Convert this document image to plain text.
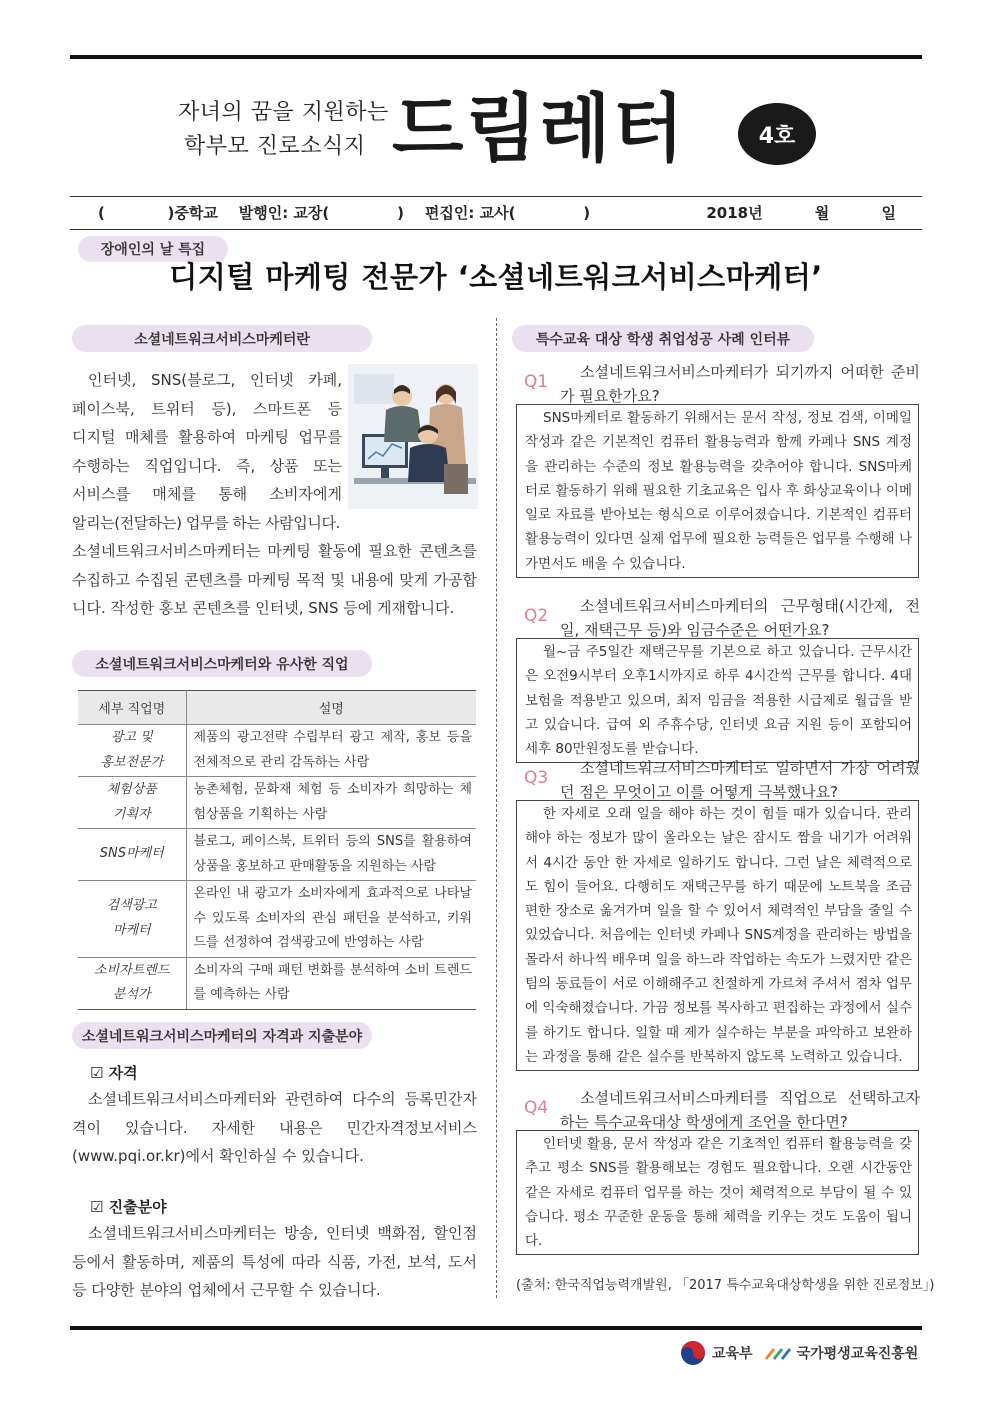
자녀의 꿈을 지원하는
학부모 진로소식지 드림레터	4호
(            )중학교    발행인: 교장(             )    편집인: 교사(             )	2018년          월          일
장애인의 날 특집
디지털 마케팅 전문가 ‘소셜네트워크서비스마케터’
소셜네트워크서비스마케터란
인터넷, SNS(블로그, 인터넷 카페,
페이스북, 트위터 등), 스마트폰 등
디지털 매체를 활용하여 마케팅 업무를
수행하는 직업입니다. 즉, 상품 또는
서비스를 매체를 통해 소비자에게
알리는(전달하는) 업무를 하는 사람입니다.
소셜네트워크서비스마케터는 마케팅 활동에 필요한 콘텐츠를 수집하고 수집된 콘텐츠를 마케팅 목적 및 내용에 맞게 가공합니다. 작성한 홍보 콘텐츠를 인터넷, SNS 등에 게재합니다.
소셜네트워크서비스마케터와 유사한 직업
세부 직업명	설명
광고 및
홍보전문가	제품의 광고전략 수립부터 광고 제작, 홍보 등을 전체적으로 관리 감독하는 사람
체험상품
기획자	농촌체험, 문화재 체험 등 소비자가 희망하는 체험상품을 기획하는 사람
SNS마케터	블로그, 페이스북, 트위터 등의 SNS를 활용하여 상품을 홍보하고 판매활동을 지원하는 사람
검색광고
마케터	온라인 내 광고가 소비자에게 효과적으로 나타날 수 있도록 소비자의 관심 패턴을 분석하고, 키워드를 선정하여 검색광고에 반영하는 사람
소비자트렌드
분석가	소비자의 구매 패턴 변화를 분석하여 소비 트렌드를 예측하는 사람
소셜네트워크서비스마케터의 자격과 지출분야
☑ 자격
소셜네트워크서비스마케터와 관련하여 다수의 등록민간자격이 있습니다. 자세한 내용은 민간자격정보서비스(www.pqi.or.kr)에서 확인하실 수 있습니다.
☑ 진출분야
소셜네트워크서비스마케터는 방송, 인터넷 백화점, 할인점 등에서 활동하며, 제품의 특성에 따라 식품, 가전, 보석, 도서 등 다양한 분야의 업체에서 근무할 수 있습니다.
특수교육 대상 학생 취업성공 사례 인터뷰
Q1	소셜네트워크서비스마케터가 되기까지 어떠한 준비가 필요한가요?
SNS마케터로 활동하기 위해서는 문서 작성, 정보 검색, 이메일 작성과 같은 기본적인 컴퓨터 활용능력과 함께 카페나 SNS 계정을 관리하는 수준의 정보 활용능력을 갖추어야 합니다. SNS마케터로 활동하기 위해 필요한 기초교육은 입사 후 화상교육이나 이메일로 자료를 받아보는 형식으로 이루어졌습니다. 기본적인 컴퓨터 활용능력이 있다면 실제 업무에 필요한 능력들은 업무를 수행해 나가면서도 배울 수 있습니다.
Q2	소셜네트워크서비스마케터의 근무형태(시간제, 전일, 재택근무 등)와 임금수준은 어떤가요?
월~금 주5일간 재택근무를 기본으로 하고 있습니다. 근무시간은 오전9시부터 오후1시까지로 하루 4시간씩 근무를 합니다. 4대 보험을 적용받고 있으며, 최저 임금을 적용한 시급제로 월급을 받고 있습니다. 급여 외 주휴수당, 인터넷 요금 지원 등이 포함되어 세후 80만원정도를 받습니다.
Q3	소셜네트워크서비스마케터로 일하면서 가장 어려웠던 점은 무엇이고 이를 어떻게 극복했나요?
한 자세로 오래 일을 해야 하는 것이 힘들 때가 있습니다. 관리해야 하는 정보가 많이 올라오는 날은 잠시도 짬을 내기가 어려워서 4시간 동안 한 자세로 일하기도 합니다. 그런 날은 체력적으로도 힘이 들어요. 다행히도 재택근무를 하기 때문에 노트북을 조금 편한 장소로 옮겨가며 일을 할 수 있어서 체력적인 부담을 줄일 수 있었습니다. 처음에는 인터넷 카페나 SNS계정을 관리하는 방법을 몰라서 하나씩 배우며 일을 하느라 작업하는 속도가 느렸지만 같은 팀의 동료들이 서로 이해해주고 친절하게 가르쳐 주셔서 점차 업무에 익숙해졌습니다. 가끔 정보를 복사하고 편집하는 과정에서 실수를 하기도 합니다. 일할 때 제가 실수하는 부분을 파악하고 보완하는 과정을 통해 같은 실수를 반복하지 않도록 노력하고 있습니다.
Q4	소셜네트워크서비스마케터를 직업으로 선택하고자 하는 특수교육대상 학생에게 조언을 한다면?
인터넷 활용, 문서 작성과 같은 기초적인 컴퓨터 활용능력을 갖추고 평소 SNS를 활용해보는 경험도 필요합니다. 오랜 시간동안 같은 자세로 컴퓨터 업무를 하는 것이 체력적으로 부담이 될 수 있습니다. 평소 꾸준한 운동을 통해 체력을 키우는 것도 도움이 됩니다.
(출처: 한국직업능력개발원, 「2017 특수교육대상학생을 위한 진로정보」)
교육부	국가평생교육진흥원
